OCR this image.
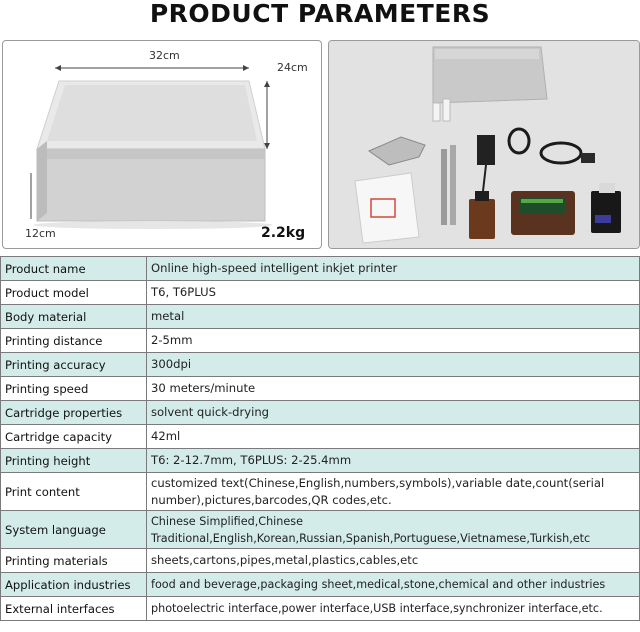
PRODUCT PARAMETERS
32cm
24cm
12cm	2.2kg
Product name	Online high-speed intelligent inkjet printer
Product model	T6, T6PLUS
Body material	metal
Printing distance	2-5mm
Printing accuracy	300dpi
Printing speed	30 meters/minute
Cartridge properties	solvent quick-drying
Cartridge capacity	42ml
Printing height	T6: 2-12.7mm, T6PLUS: 2-25.4mm
Print content	customized text(Chinese,English,numbers,symbols),variable date,count(serial number),pictures,barcodes,QR codes,etc.
System language	Chinese Simplified,Chinese Traditional,English,Korean,Russian,Spanish,Portuguese,Vietnamese,Turkish,etc
Printing materials	sheets,cartons,pipes,metal,plastics,cables,etc
Application industries	food and beverage,packaging sheet,medical,stone,chemical and other industries
External interfaces	photoelectric interface,power interface,USB interface,synchronizer interface,etc.
